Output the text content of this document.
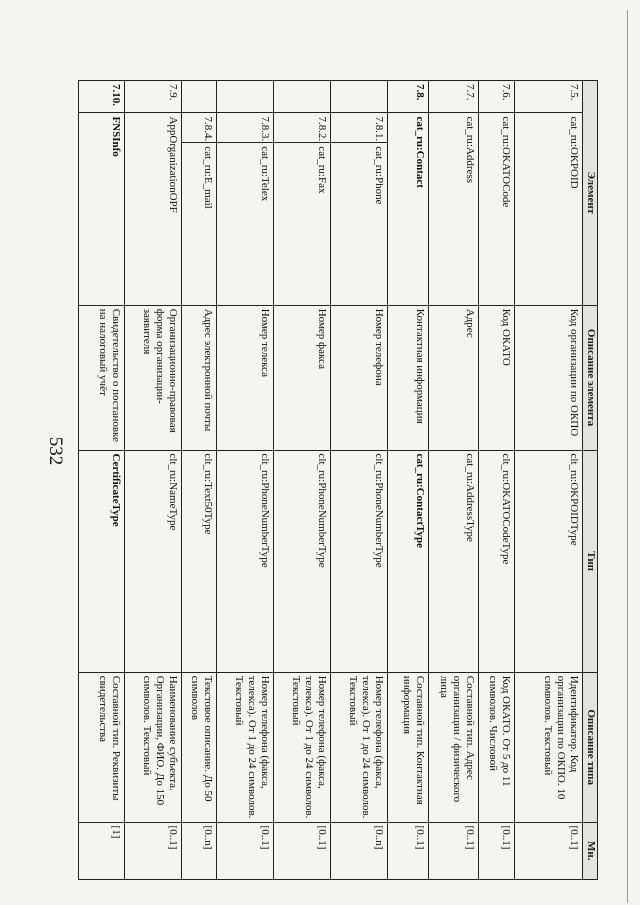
532
Элемент			Описание элемента	Тип	Описание типа	Мн.
7.5.	cat_ru:OKPOID		Код организации по ОКПО	clt_ru:OKPOIDType	Идентификатор. Код организации по ОКПО. 10 символов. Текстовый	[0..1]
7.6.	cat_ru:OKATOCode		Код ОКАТО	clt_ru:OKATOCodeType	Код ОКАТО. От 5 до 11 символов. Числовой	[0..1]
7.7.	cat_ru:Address		Адрес	cat_ru:AddressType	Составной тип. Адрес организации / физического лица	[0..1]
7.8.	cat_ru:Contact		Контактная информация	cat_ru:ContactType	Составной тип. Контактная информация	[0..1]
	7.8.1.	cat_ru:Phone	Номер телефона	clt_ru:PhoneNumberType	Номер телефона (факса, телекса). От 1 до 24 символов. Текстовый	[0..n]
	7.8.2.	cat_ru:Fax	Номер факса	clt_ru:PhoneNumberType	Номер телефона (факса, телекса). От 1 до 24 символов. Текстовый	[0..1]
	7.8.3.	cat_ru:Telex	Номер телекса	clt_ru:PhoneNumberType	Номер телефона (факса, телекса). От 1 до 24 символов. Текстовый	[0..1]
	7.8.4.	cat_ru:E_mail	Адрес электронной почты	clt_ru:Text50Type	Текстовое описание. До 50 символов	[0..n]
7.9.	AppOrganizationOPF		Организационно-правовая форма организации-заявителя	clt_ru:NameType	Наименование субъекта. Организации, ФИО. До 150 символов. Текстовый	[0..1]
7.10.	FNSInfo		Свидетельство о постановке на налоговый учёт	CertificateType	Составной тип. Реквизиты свидетельства	[1]
